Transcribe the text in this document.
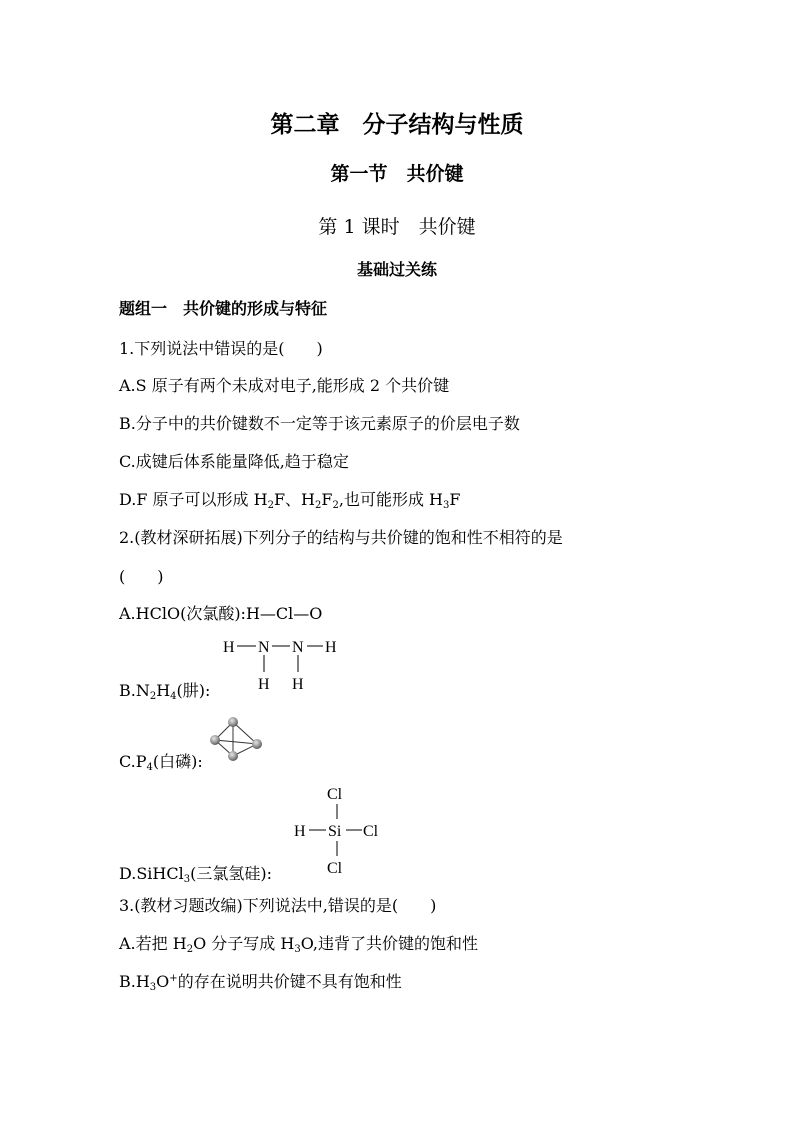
第二章　分子结构与性质
第一节　共价键
第 1 课时　共价键
基础过关练
题组一　共价键的形成与特征
1.下列说法中错误的是(　　)
A.S 原子有两个未成对电子,能形成 2 个共价键
B.分子中的共价键数不一定等于该元素原子的价层电子数
C.成键后体系能量降低,趋于稳定
D.F 原子可以形成 $H_2F$、$H_2F_2$,也可能形成 $H_3F$
2.(教材深研拓展)下列分子的结构与共价键的饱和性不相符的是
(　　)
A.HClO(次氯酸):H—Cl—O
H N N H
H H
$B.N_2H_4$(肼):
$C.P_4$(白磷):
Cl
H Si Cl
Cl
D.SiHCl$_3$(三氯氢硅):
3.(教材习题改编)下列说法中,错误的是(　　)
A.若把 $H_2O$ 分子写成 $H_3O$,违背了共价键的饱和性
$B.H_3O^+$的存在说明共价键不具有饱和性
